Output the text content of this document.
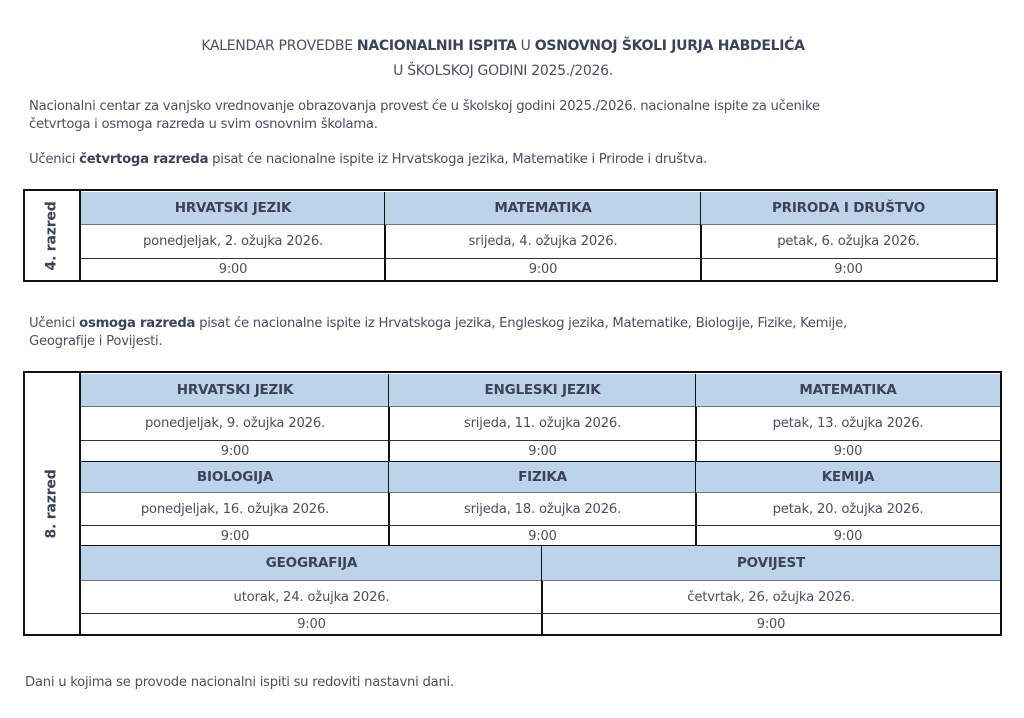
KALENDAR PROVEDBE NACIONALNIH ISPITA U OSNOVNOJ ŠKOLI JURJA HABDELIĆA
U ŠKOLSKOJ GODINI 2025./2026.
Nacionalni centar za vanjsko vrednovanje obrazovanja provest će u školskoj godini 2025./2026. nacionalne ispite za učenike
četvrtoga i osmoga razreda u svim osnovnim školama.
Učenici četvrtoga razreda pisat će nacionalne ispite iz Hrvatskoga jezika, Matematike i Prirode i društva.
4. razred	HRVATSKI JEZIK
ponedjeljak, 2. ožujka 2026.
9:00
MATEMATIKA
srijeda, 4. ožujka 2026.
9:00
PRIRODA I DRUŠTVO
petak, 6. ožujka 2026.
9:00
Učenici osmoga razreda pisat će nacionalne ispite iz Hrvatskoga jezika, Engleskog jezika, Matematike, Biologije, Fizike, Kemije,
Geografije i Povijesti.
8. razred
HRVATSKI JEZIK
ponedjeljak, 9. ožujka 2026.
9:00
ENGLESKI JEZIK
srijeda, 11. ožujka 2026.
9:00
MATEMATIKA
petak, 13. ožujka 2026.
9:00
BIOLOGIJA
ponedjeljak, 16. ožujka 2026.
9:00
FIZIKA
srijeda, 18. ožujka 2026.
9:00
KEMIJA
petak, 20. ožujka 2026.
9:00
GEOGRAFIJA
utorak, 24. ožujka 2026.
9:00
POVIJEST
četvrtak, 26. ožujka 2026.
9:00
Dani u kojima se provode nacionalni ispiti su redoviti nastavni dani.
